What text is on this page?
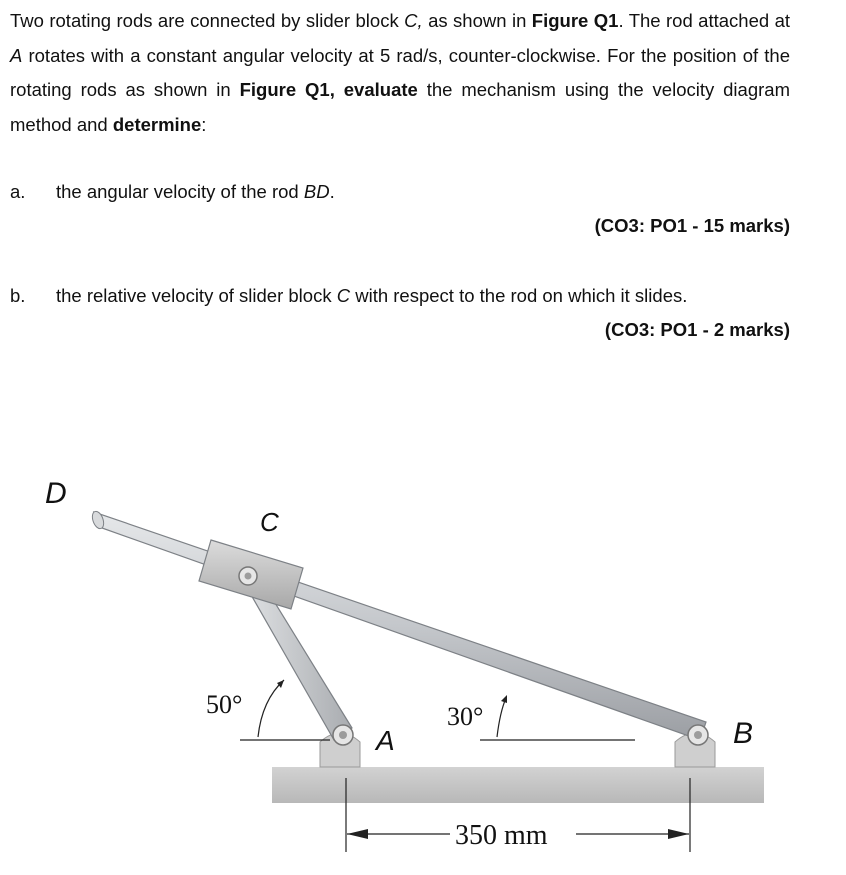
Two rotating rods are connected by slider block C, as shown in Figure Q1. The rod attached at A rotates with a constant angular velocity at 5 rad/s, counter-clockwise. For the position of the rotating rods as shown in Figure Q1, evaluate the mechanism using the velocity diagram method and determine:

a. the angular velocity of the rod BD.
(CO3: PO1 - 15 marks)
b. the relative velocity of slider block C with respect to the rod on which it slides.
(CO3: PO1 - 2 marks)
D
C
A	B
50°	30°
350 mm
